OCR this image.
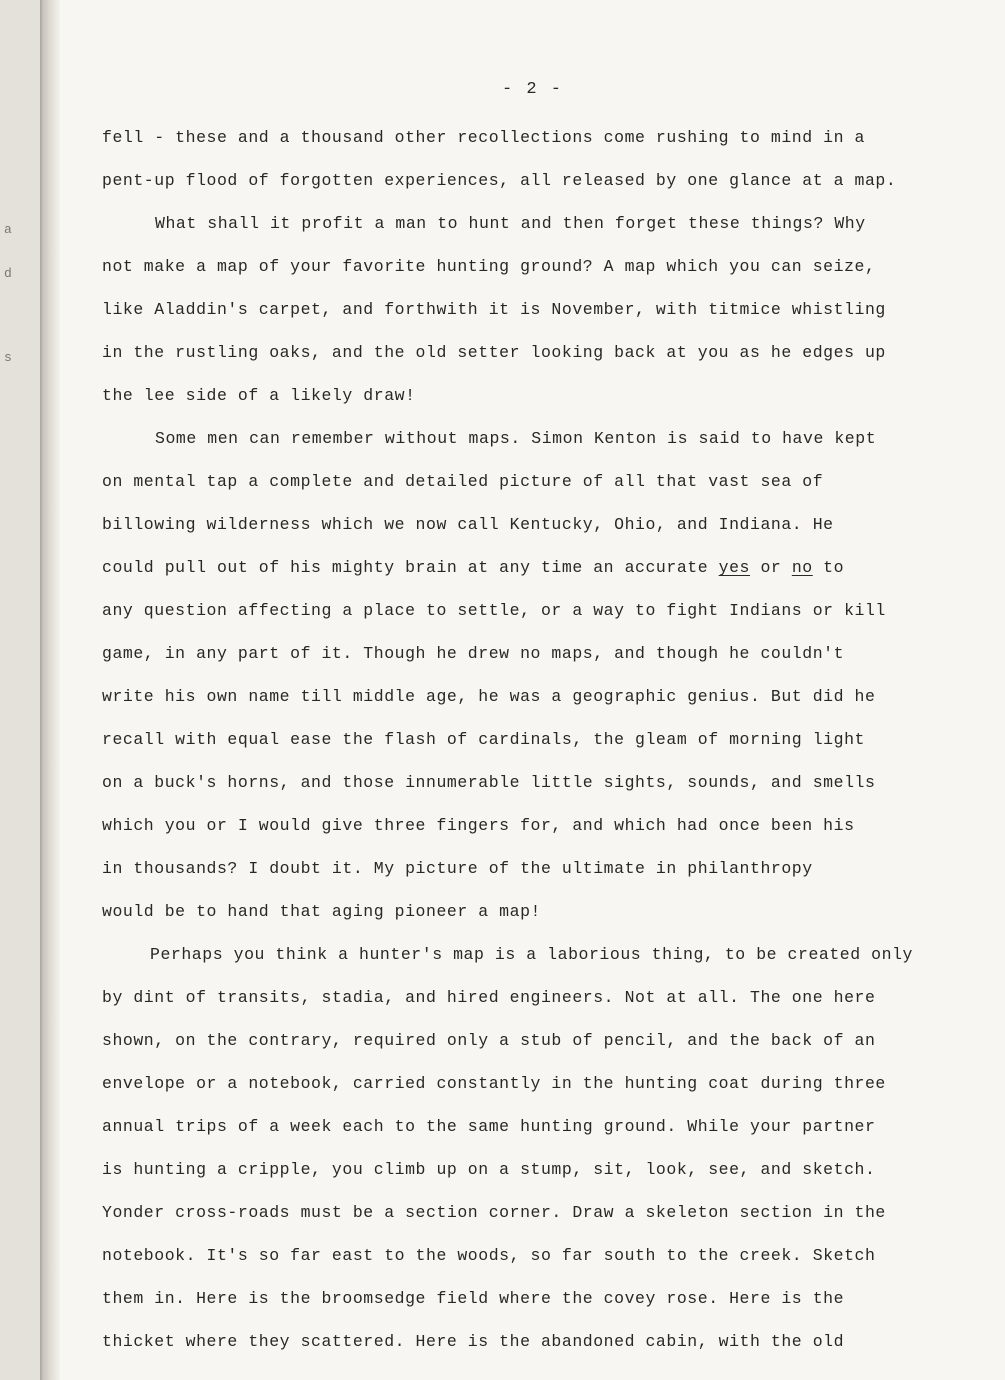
a
d
s
- 2 -
fell - these and a thousand other recollections come rushing to mind in a
pent-up flood of forgotten experiences, all released by one glance at a map.
What shall it profit a man to hunt and then forget these things? Why
not make a map of your favorite hunting ground? A map which you can seize,
like Aladdin's carpet, and forthwith it is November, with titmice whistling
in the rustling oaks, and the old setter looking back at you as he edges up
the lee side of a likely draw!
Some men can remember without maps. Simon Kenton is said to have kept
on mental tap a complete and detailed picture of all that vast sea of
billowing wilderness which we now call Kentucky, Ohio, and Indiana. He
could pull out of his mighty brain at any time an accurate yes or no to
any question affecting a place to settle, or a way to fight Indians or kill
game, in any part of it. Though he drew no maps, and though he couldn't
write his own name till middle age, he was a geographic genius. But did he
recall with equal ease the flash of cardinals, the gleam of morning light
on a buck's horns, and those innumerable little sights, sounds, and smells
which you or I would give three fingers for, and which had once been his
in thousands? I doubt it. My picture of the ultimate in philanthropy
would be to hand that aging pioneer a map!
Perhaps you think a hunter's map is a laborious thing, to be created only
by dint of transits, stadia, and hired engineers. Not at all. The one here
shown, on the contrary, required only a stub of pencil, and the back of an
envelope or a notebook, carried constantly in the hunting coat during three
annual trips of a week each to the same hunting ground. While your partner
is hunting a cripple, you climb up on a stump, sit, look, see, and sketch.
Yonder cross-roads must be a section corner. Draw a skeleton section in the
notebook. It's so far east to the woods, so far south to the creek. Sketch
them in. Here is the broomsedge field where the covey rose. Here is the
thicket where they scattered. Here is the abandoned cabin, with the old
